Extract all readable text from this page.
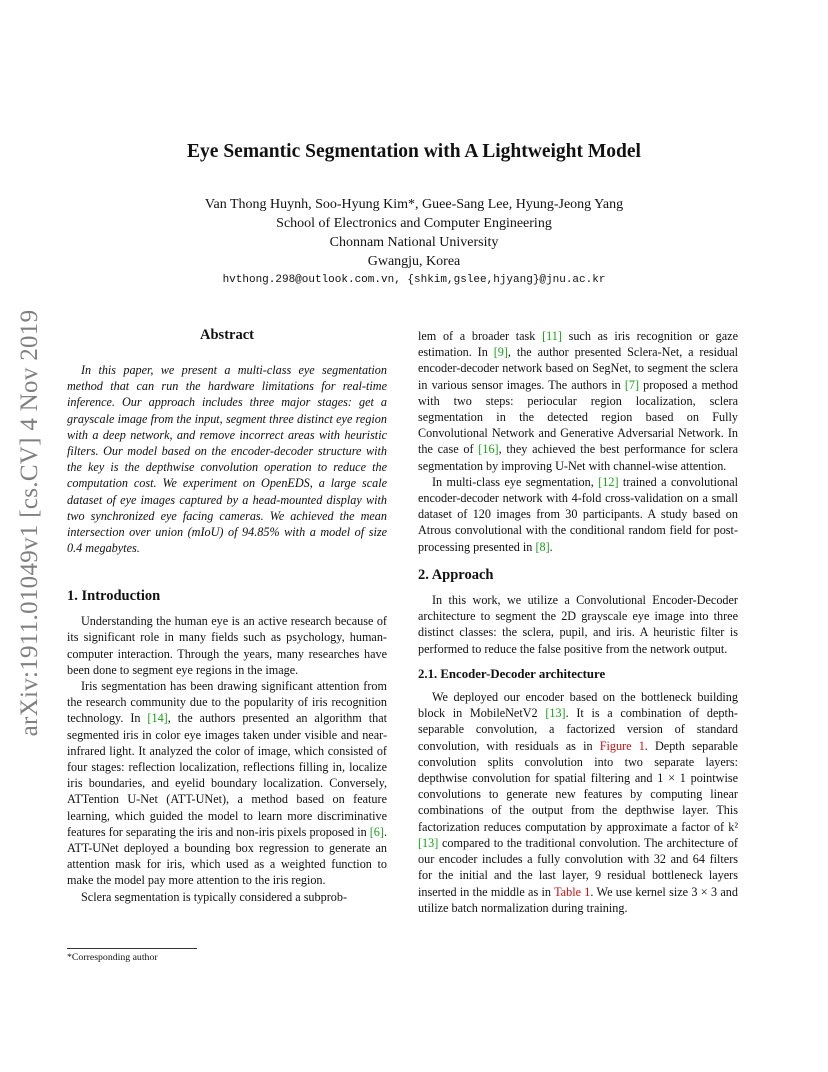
arXiv:1911.01049v1 [cs.CV] 4 Nov 2019
Eye Semantic Segmentation with A Lightweight Model
Van Thong Huynh, Soo-Hyung Kim*, Guee-Sang Lee, Hyung-Jeong Yang
School of Electronics and Computer Engineering
Chonnam National University
Gwangju, Korea
hvthong.298@outlook.com.vn, {shkim,gslee,hjyang}@jnu.ac.kr
Abstract

In this paper, we present a multi-class eye segmentation method that can run the hardware limitations for real-time inference. Our approach includes three major stages: get a grayscale image from the input, segment three distinct eye region with a deep network, and remove incorrect areas with heuristic filters. Our model based on the encoder-decoder structure with the key is the depthwise convolution operation to reduce the computation cost. We experiment on OpenEDS, a large scale dataset of eye images captured by a head-mounted display with two synchronized eye facing cameras. We achieved the mean intersection over union (mIoU) of 94.85% with a model of size 0.4 megabytes.

1. Introduction

Understanding the human eye is an active research because of its significant role in many fields such as psychology, human-computer interaction. Through the years, many researches have been done to segment eye regions in the image.

Iris segmentation has been drawing significant attention from the research community due to the popularity of iris recognition technology. In [14], the authors presented an algorithm that segmented iris in color eye images taken under visible and near-infrared light. It analyzed the color of image, which consisted of four stages: reflection localization, reflections filling in, localize iris boundaries, and eyelid boundary localization. Conversely, ATTention U-Net (ATT-UNet), a method based on feature learning, which guided the model to learn more discriminative features for separating the iris and non-iris pixels proposed in [6]. ATT-UNet deployed a bounding box regression to generate an attention mask for iris, which used as a weighted function to make the model pay more attention to the iris region.

Sclera segmentation is typically considered a subprob-

*Corresponding author

lem of a broader task [11] such as iris recognition or gaze estimation. In [9], the author presented Sclera-Net, a residual encoder-decoder network based on SegNet, to segment the sclera in various sensor images. The authors in [7] proposed a method with two steps: periocular region localization, sclera segmentation in the detected region based on Fully Convolutional Network and Generative Adversarial Network. In the case of [16], they achieved the best performance for sclera segmentation by improving U-Net with channel-wise attention.

In multi-class eye segmentation, [12] trained a convolutional encoder-decoder network with 4-fold cross-validation on a small dataset of 120 images from 30 participants. A study based on Atrous convolutional with the conditional random field for post-processing presented in [8].

2. Approach

In this work, we utilize a Convolutional Encoder-Decoder architecture to segment the 2D grayscale eye image into three distinct classes: the sclera, pupil, and iris. A heuristic filter is performed to reduce the false positive from the network output.

2.1. Encoder-Decoder architecture

We deployed our encoder based on the bottleneck building block in MobileNetV2 [13]. It is a combination of depth-separable convolution, a factorized version of standard convolution, with residuals as in Figure 1. Depth separable convolution splits convolution into two separate layers: depthwise convolution for spatial filtering and 1 × 1 pointwise convolutions to generate new features by computing linear combinations of the output from the depthwise layer. This factorization reduces computation by approximate a factor of k² [13] compared to the traditional convolution. The architecture of our encoder includes a fully convolution with 32 and 64 filters for the initial and the last layer, 9 residual bottleneck layers inserted in the middle as in Table 1. We use kernel size 3 × 3 and utilize batch normalization during training.
